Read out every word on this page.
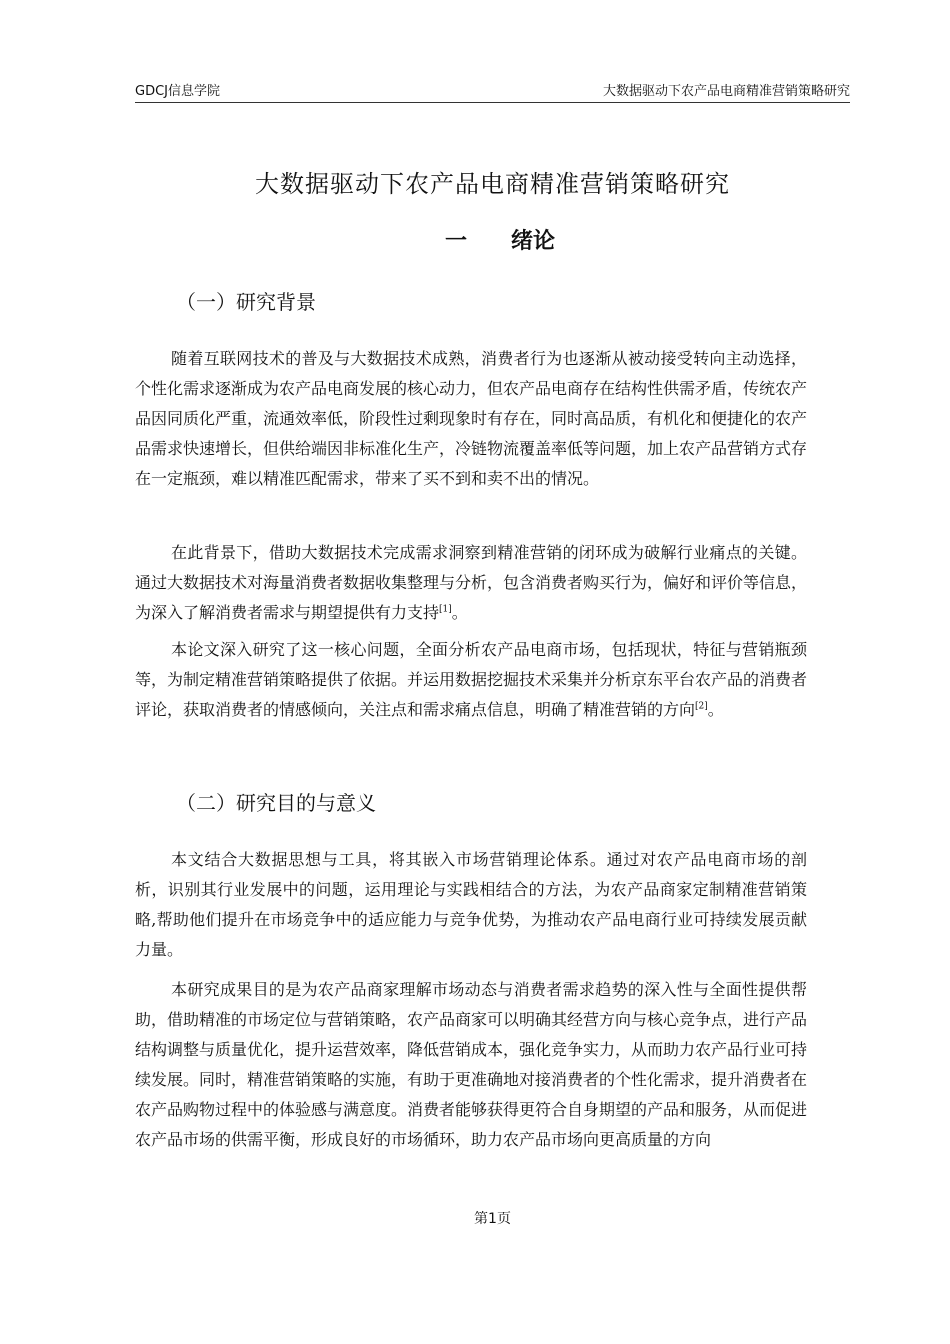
GDCJ信息学院	大数据驱动下农产品电商精准营销策略研究
大数据驱动下农产品电商精准营销策略研究
一 绪论
（一）研究背景

随着互联网技术的普及与大数据技术成熟，消费者行为也逐渐从被动接受转向主动选择，个性化需求逐渐成为农产品电商发展的核心动力，但农产品电商存在结构性供需矛盾，传统农产品因同质化严重，流通效率低，阶段性过剩现象时有存在，同时高品质，有机化和便捷化的农产品需求快速增长，但供给端因非标准化生产，冷链物流覆盖率低等问题，加上农产品营销方式存在一定瓶颈，难以精准匹配需求，带来了买不到和卖不出的情况。

在此背景下，借助大数据技术完成需求洞察到精准营销的闭环成为破解行业痛点的关键。通过大数据技术对海量消费者数据收集整理与分析，包含消费者购买行为，偏好和评价等信息，为深入了解消费者需求与期望提供有力支持[1]。

本论文深入研究了这一核心问题，全面分析农产品电商市场，包括现状，特征与营销瓶颈等，为制定精准营销策略提供了依据。并运用数据挖掘技术采集并分析京东平台农产品的消费者评论，获取消费者的情感倾向，关注点和需求痛点信息，明确了精准营销的方向[2]。

（二）研究目的与意义

本文结合大数据思想与工具，将其嵌入市场营销理论体系。通过对农产品电商市场的剖析，识别其行业发展中的问题，运用理论与实践相结合的方法，为农产品商家定制精准营销策略,帮助他们提升在市场竞争中的适应能力与竞争优势，为推动农产品电商行业可持续发展贡献力量。

本研究成果目的是为农产品商家理解市场动态与消费者需求趋势的深入性与全面性提供帮助，借助精准的市场定位与营销策略，农产品商家可以明确其经营方向与核心竞争点，进行产品结构调整与质量优化，提升运营效率，降低营销成本，强化竞争实力，从而助力农产品行业可持续发展。同时，精准营销策略的实施，有助于更准确地对接消费者的个性化需求，提升消费者在农产品购物过程中的体验感与满意度。消费者能够获得更符合自身期望的产品和服务，从而促进农产品市场的供需平衡，形成良好的市场循环，助力农产品市场向更高质量的方向

第1页
